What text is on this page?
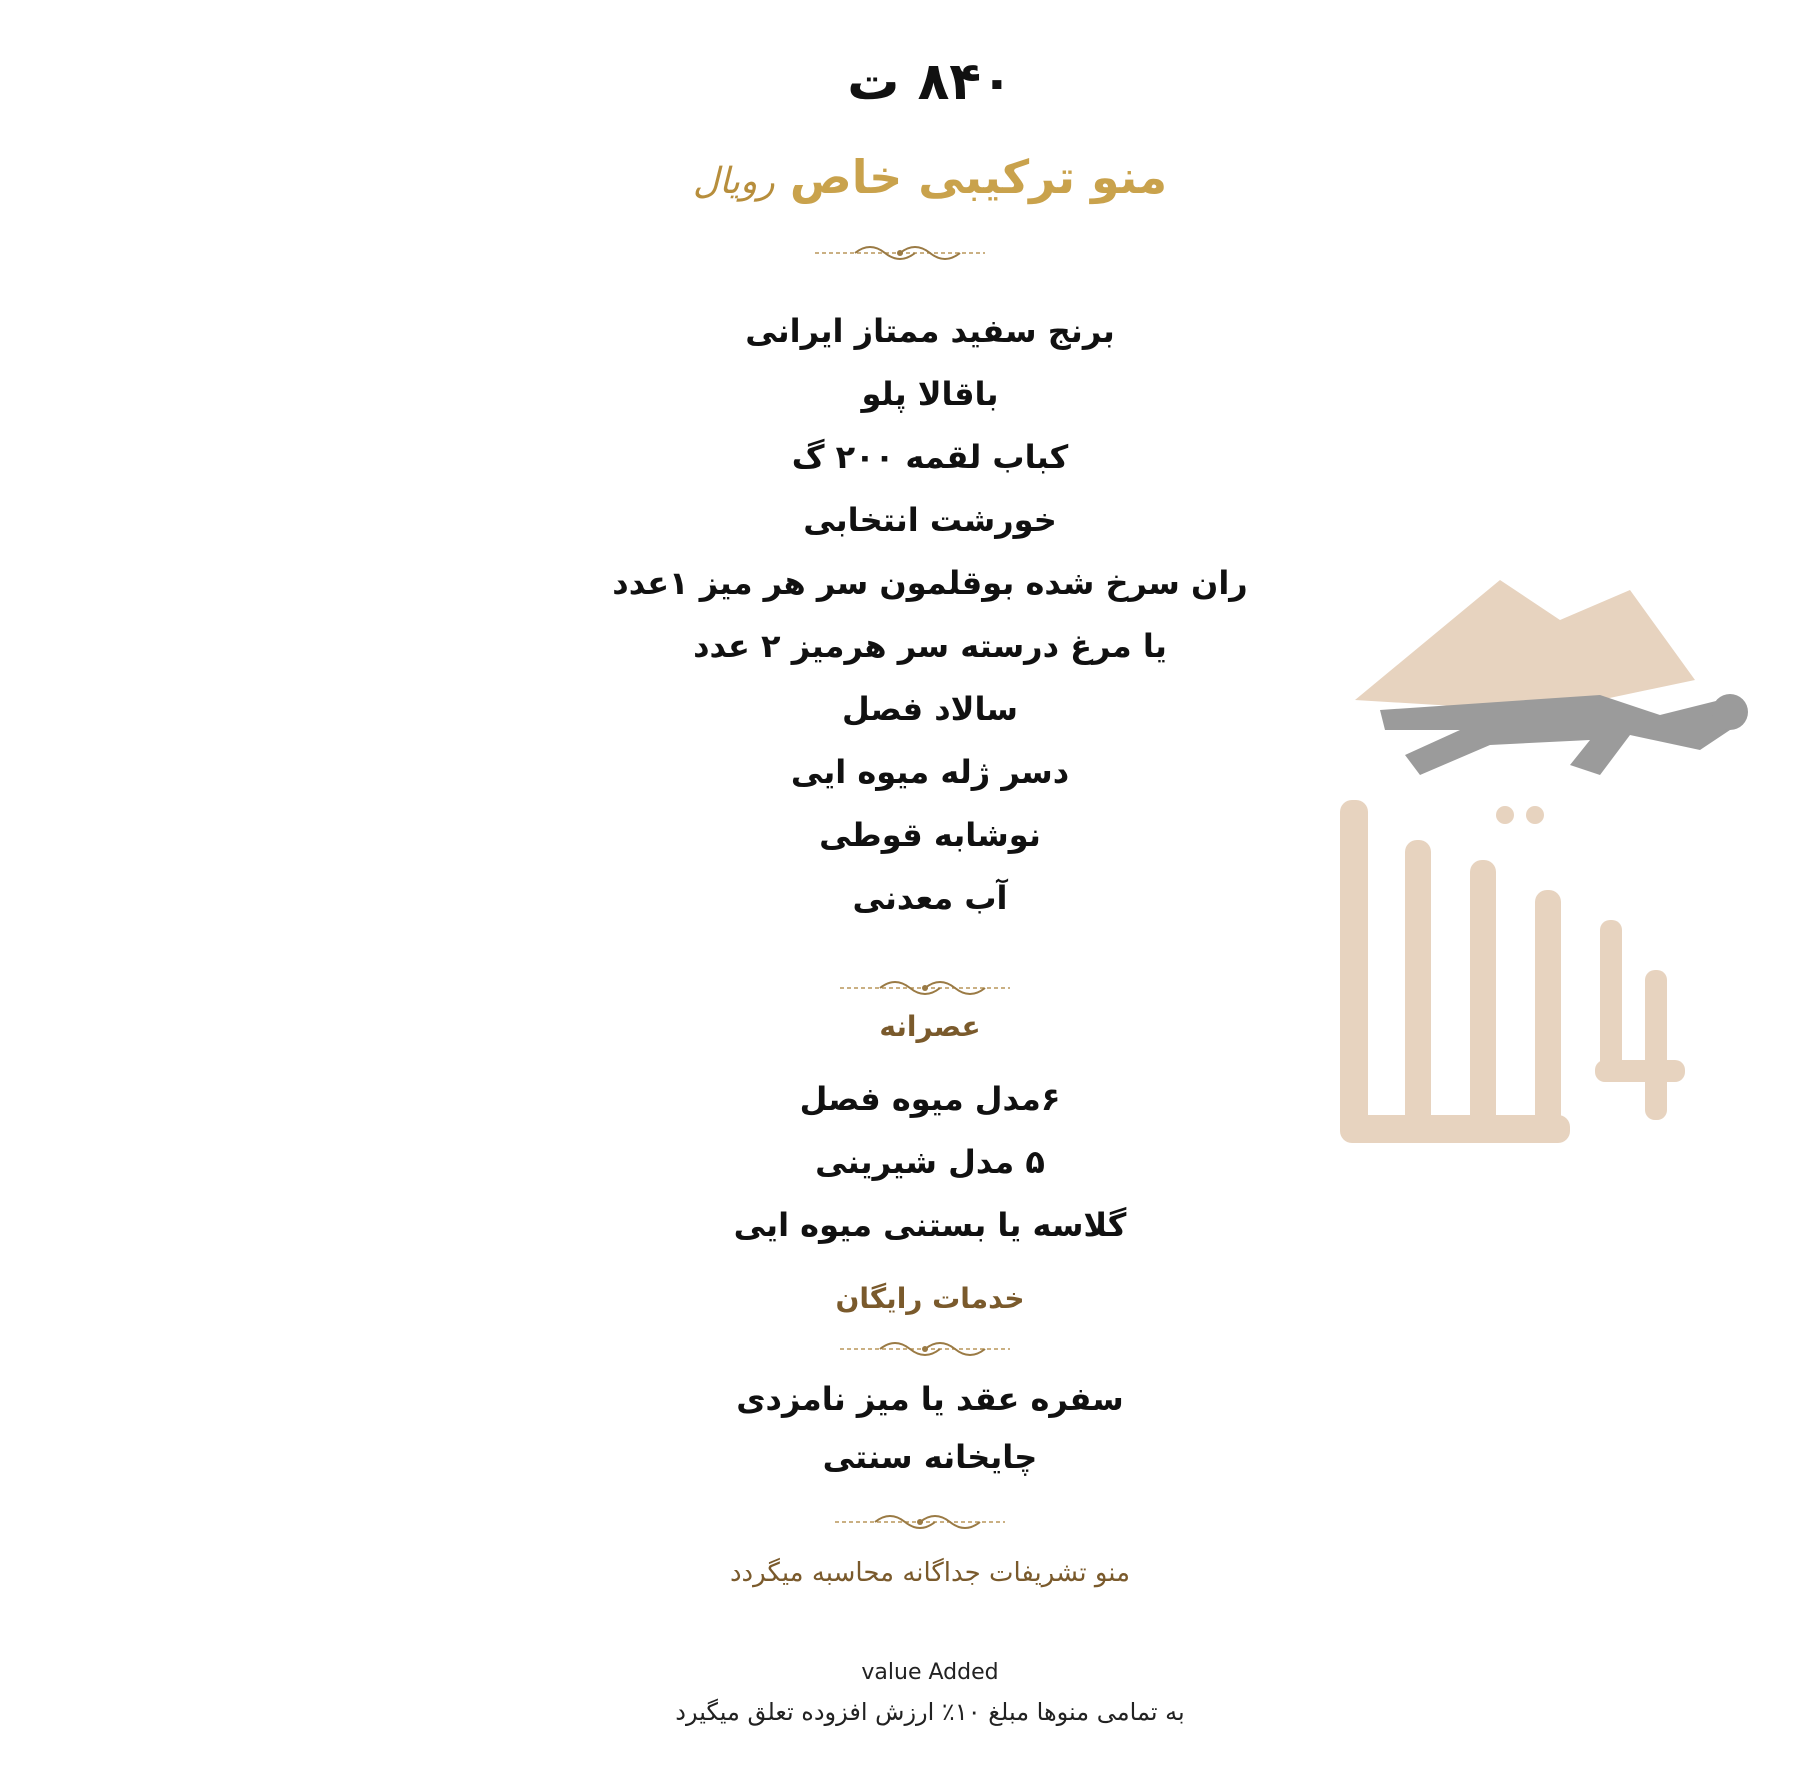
۸۴۰ ت
منو ترکیبی خاص رویال
برنج سفید ممتاز ایرانی
باقالا پلو
کباب لقمه ۲۰۰ گ
خورشت انتخابی
ران سرخ شده بوقلمون سر هر میز ۱عدد
یا مرغ درسته سر هرمیز ۲ عدد
سالاد فصل
دسر ژله میوه ایی
نوشابه قوطی
آب معدنی
عصرانه
۶مدل میوه فصل
۵ مدل شیرینی
گلاسه یا بستنی میوه ایی
خدمات رایگان
سفره عقد یا میز نامزدی
چایخانه سنتی
منو تشریفات جداگانه محاسبه میگردد
value Added
به تمامی منوها مبلغ ۱۰٪ ارزش افزوده تعلق میگیرد
